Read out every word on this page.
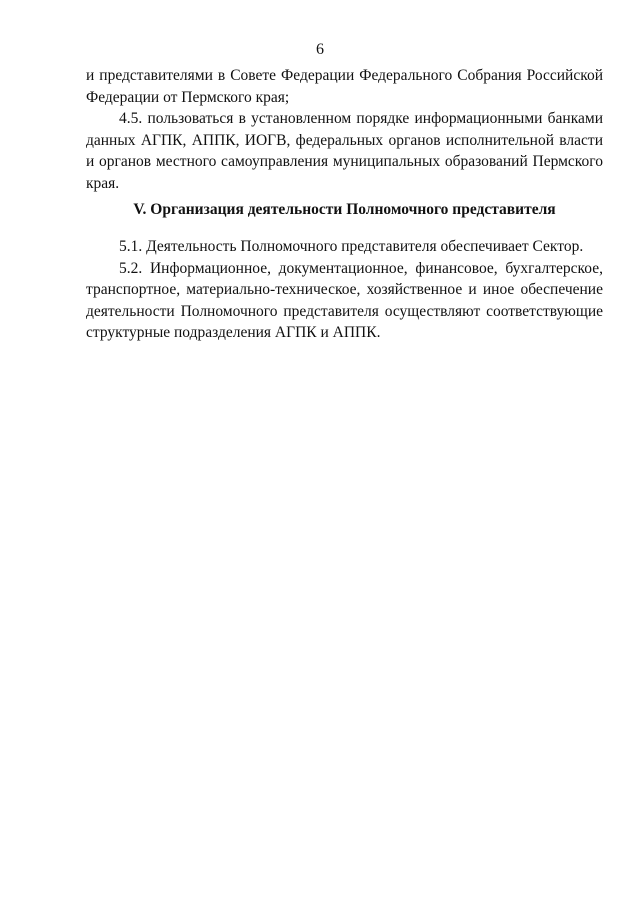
6

и представителями в Совете Федерации Федерального Собрания Российской Федерации от Пермского края;

4.5. пользоваться в установленном порядке информационными банками данных АГПК, АППК, ИОГВ, федеральных органов исполнительной власти и органов местного самоуправления муниципальных образований Пермского края.

V. Организация деятельности Полномочного представителя

5.1. Деятельность Полномочного представителя обеспечивает Сектор.

5.2. Информационное, документационное, финансовое, бухгалтерское, транспортное, материально-техническое, хозяйственное и иное обеспечение деятельности Полномочного представителя осуществляют соответствующие структурные подразделения АГПК и АППК.
